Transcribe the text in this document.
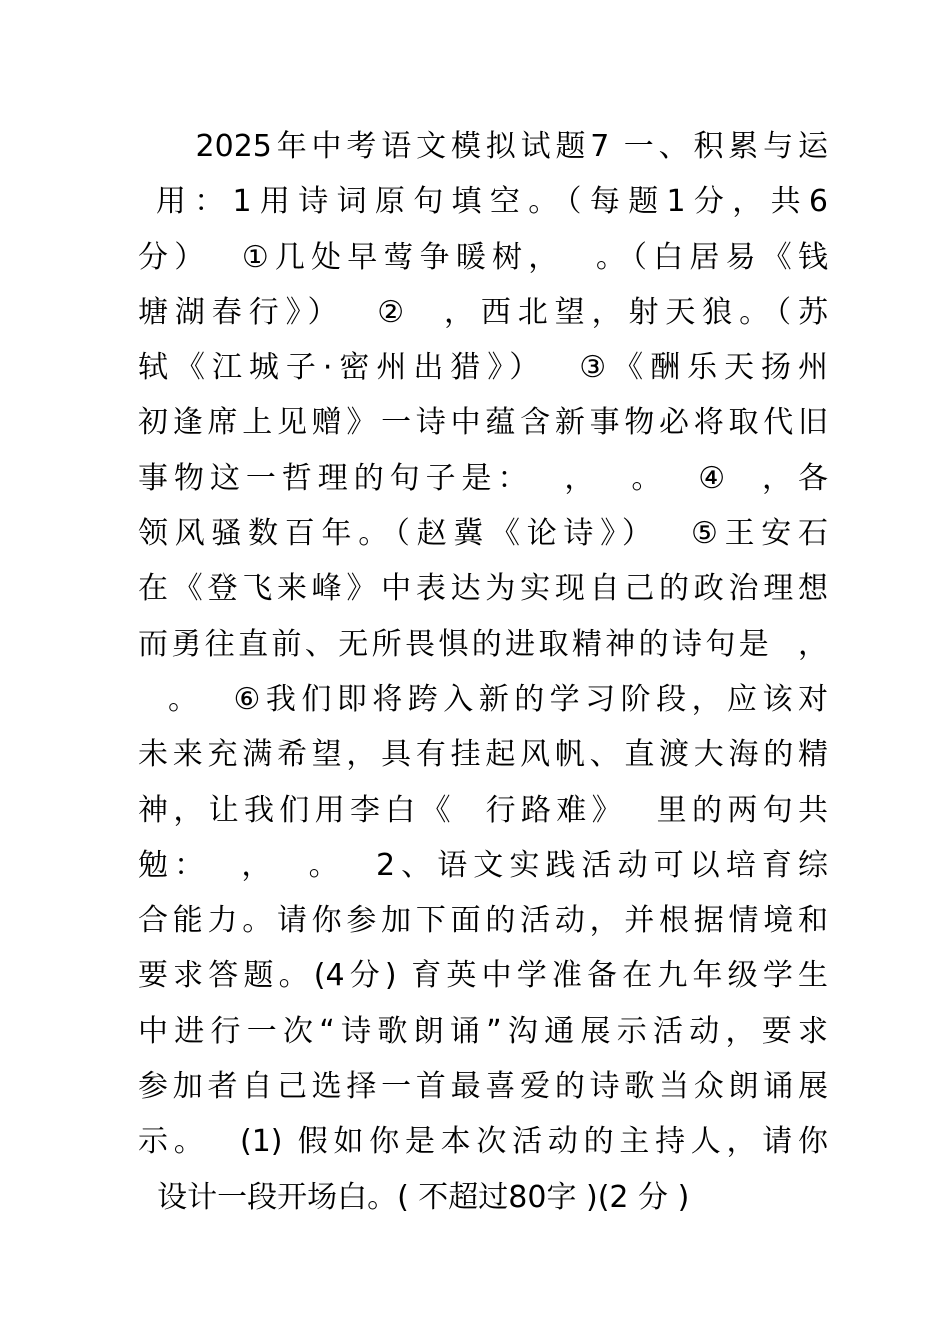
2025年中考语文模拟试题7 一、积累与运
用：1用诗词原句填空。（每题1分，共6
分）  ①几处早莺争暖树，  。（白居易《钱
塘湖春行》）  ②  ，西北望，射天狼。（苏
轼《江城子·密州出猎》）  ③《酬乐天扬州
初逢席上见赠》一诗中蕴含新事物必将取代旧
事物这一哲理的句子是：  ，  。  ④  ，各
领风骚数百年。（赵冀《论诗》）  ⑤王安石
在《登飞来峰》中表达为实现自己的政治理想
而勇往直前、无所畏惧的进取精神的诗句是  ，
。  ⑥我们即将跨入新的学习阶段，应该对
未来充满希望，具有挂起风帆、直渡大海的精
神，让我们用李白《  行路难》  里的两句共
勉：  ，  。  2、语文实践活动可以培育综
合能力。请你参加下面的活动，并根据情境和
要求答题。(4分) 育英中学准备在九年级学生
中进行一次“诗歌朗诵”沟通展示活动，要求
参加者自己选择一首最喜爱的诗歌当众朗诵展
示。  (1) 假如你是本次活动的主持人，请你
设计一段开场白。( 不超过80字 )(2 分 )
